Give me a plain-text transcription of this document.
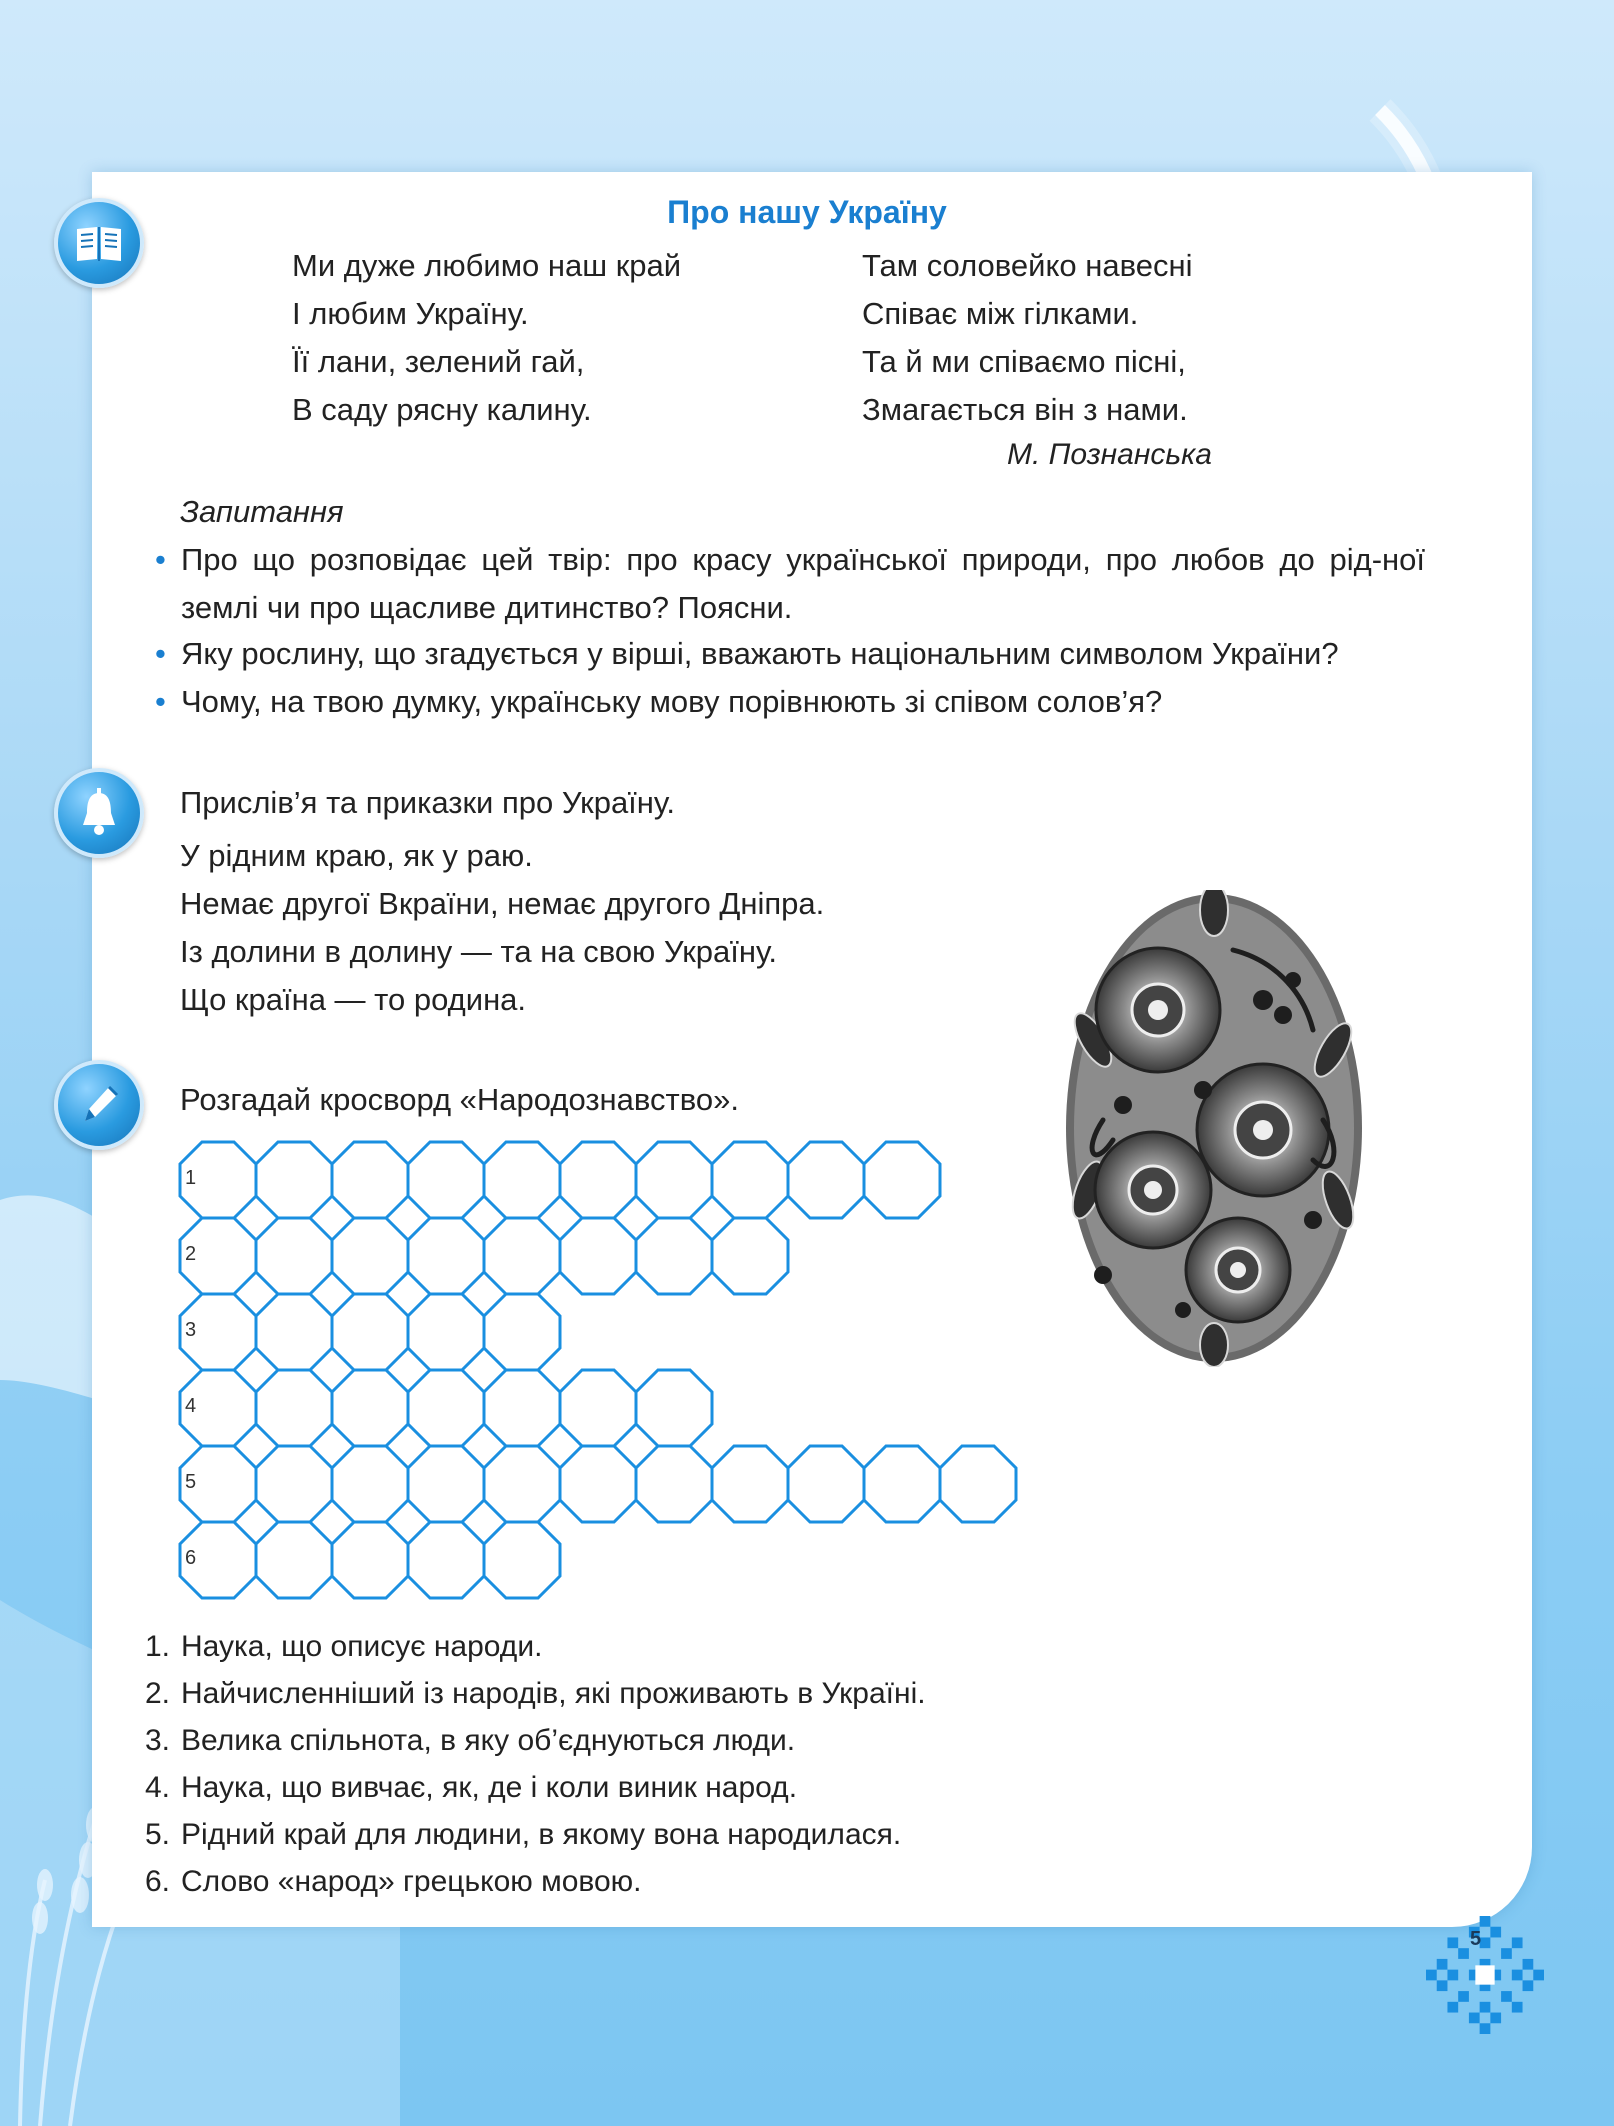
Про нашу Україну
Ми дуже любимо наш край
І любим Україну.
Її лани, зелений гай,
В саду рясну калину.
Там соловейко навесні
Співає між гілками.
Та й ми співаємо пісні,
Змагається він з нами.
М. Познанська
Запитання
• Про що розповідає цей твір: про красу української природи, про любов до рід-ної землі чи про щасливе дитинство? Поясни.
• Яку рослину, що згадується у вірші, вважають національним символом України?
• Чому, на твою думку, українську мову порівнюють зі співом солов’я?
Прислів’я та приказки про Україну.
У рідним краю, як у раю.
Немає другої Вкраїни, немає другого Дніпра.
Із долини в долину — та на свою Україну.
Що країна — то родина.
Розгадай кросворд «Народознавство».
1
2
3
4
5
6
1. Наука, що описує народи.
2. Найчисленніший із народів, які проживають в Україні.
3. Велика спільнота, в яку об’єднуються люди.
4. Наука, що вивчає, як, де і коли виник народ.
5. Рідний край для людини, в якому вона народилася.
6. Слово «народ» грецькою мовою.
5
